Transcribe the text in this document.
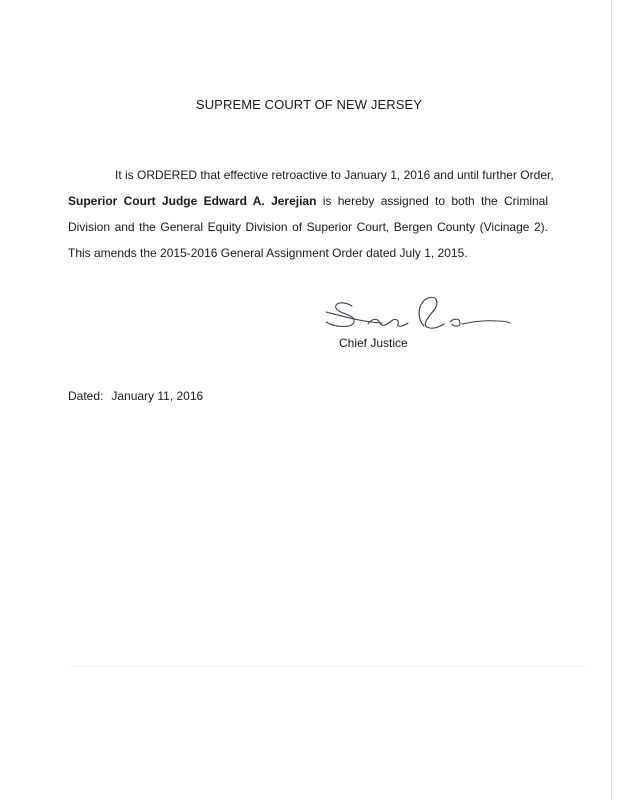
SUPREME COURT OF NEW JERSEY
It is ORDERED that effective retroactive to January 1, 2016 and until further Order,
Superior Court Judge Edward A. Jerejian is hereby assigned to both the Criminal
Division and the General Equity Division of Superior Court, Bergen County (Vicinage 2).
This amends the 2015-2016 General Assignment Order dated July 1, 2015.
Chief Justice
Dated: January 11, 2016
